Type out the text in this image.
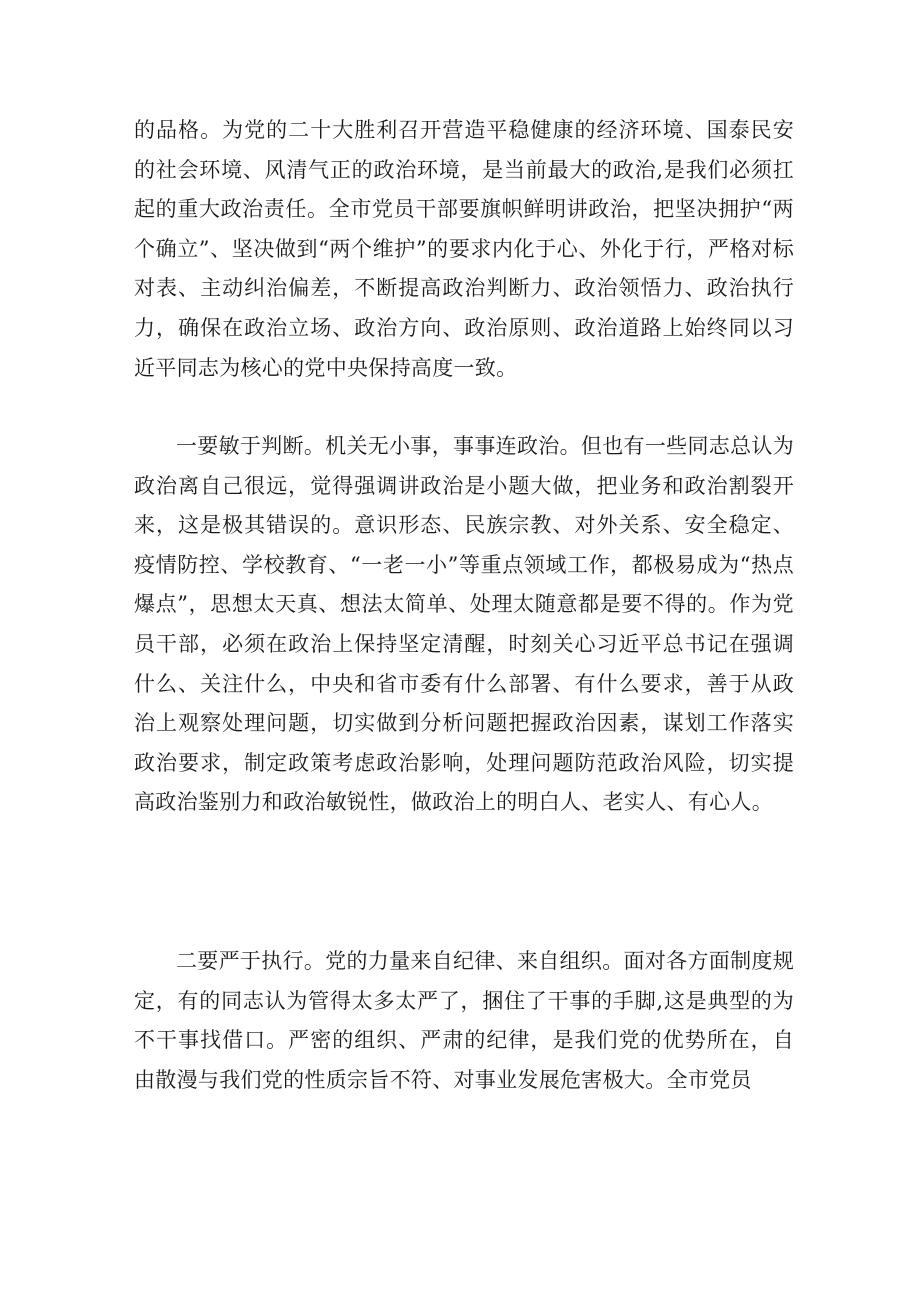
的品格。为党的二十大胜利召开营造平稳健康的经济环境、国泰民安的社会环境、风清气正的政治环境，是当前最大的政治,是我们必须扛起的重大政治责任。全市党员干部要旗帜鲜明讲政治，把坚决拥护“两个确立”、坚决做到“两个维护”的要求内化于心、外化于行，严格对标对表、主动纠治偏差，不断提高政治判断力、政治领悟力、政治执行力，确保在政治立场、政治方向、政治原则、政治道路上始终同以习近平同志为核心的党中央保持高度一致。

一要敏于判断。机关无小事，事事连政治。但也有一些同志总认为政治离自己很远，觉得强调讲政治是小题大做，把业务和政治割裂开来，这是极其错误的。意识形态、民族宗教、对外关系、安全稳定、疫情防控、学校教育、“一老一小”等重点领域工作，都极易成为“热点爆点”，思想太天真、想法太简单、处理太随意都是要不得的。作为党员干部，必须在政治上保持坚定清醒，时刻关心习近平总书记在强调什么、关注什么，中央和省市委有什么部署、有什么要求，善于从政治上观察处理问题，切实做到分析问题把握政治因素，谋划工作落实政治要求，制定政策考虑政治影响，处理问题防范政治风险，切实提高政治鉴别力和政治敏锐性，做政治上的明白人、老实人、有心人。

二要严于执行。党的力量来自纪律、来自组织。面对各方面制度规定，有的同志认为管得太多太严了，捆住了干事的手脚,这是典型的为不干事找借口。严密的组织、严肃的纪律，是我们党的优势所在，自由散漫与我们党的性质宗旨不符、对事业发展危害极大。全市党员
